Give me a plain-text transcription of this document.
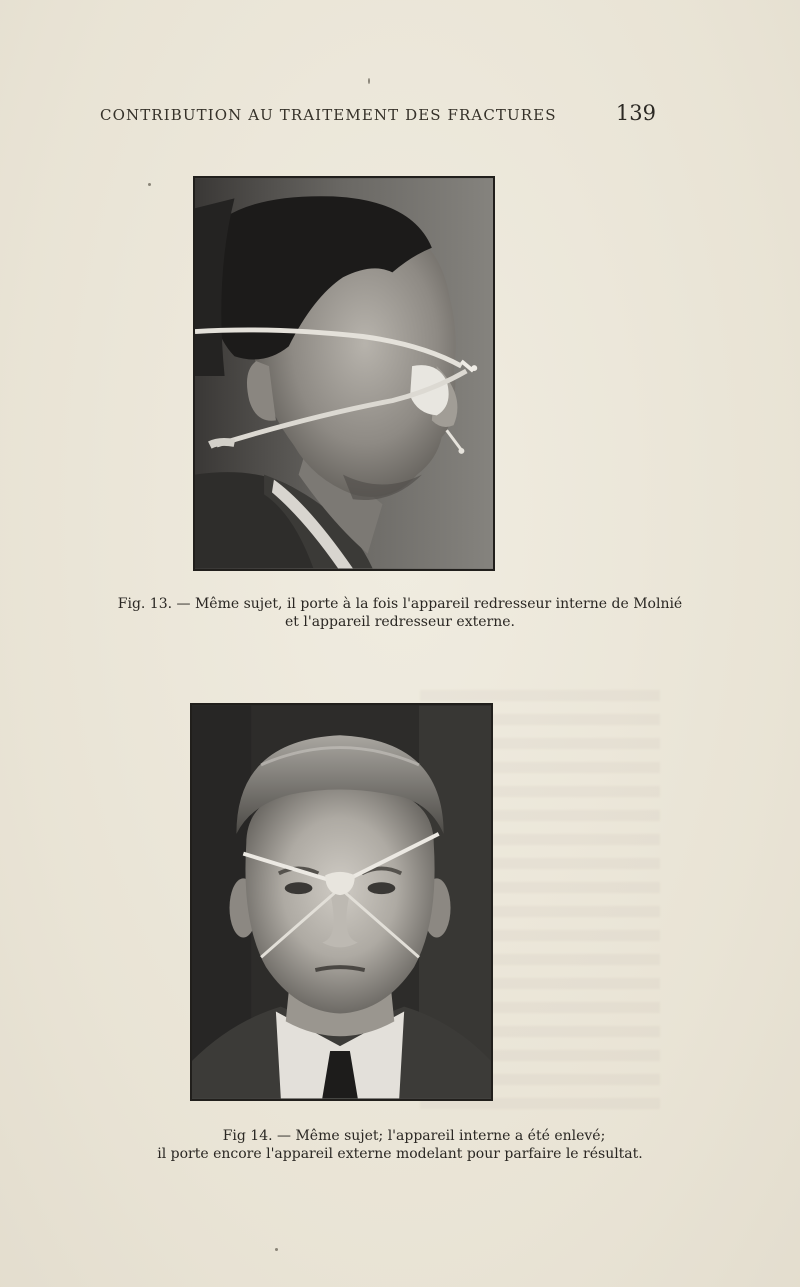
CONTRIBUTION AU TRAITEMENT DES FRACTURES	139

Fig. 13. — Même sujet, il porte à la fois l'appareil redresseur interne de Molnié
et l'appareil redresseur externe.

Fig 14. — Même sujet; l'appareil interne a été enlevé;
il porte encore l'appareil externe modelant pour parfaire le résultat.
